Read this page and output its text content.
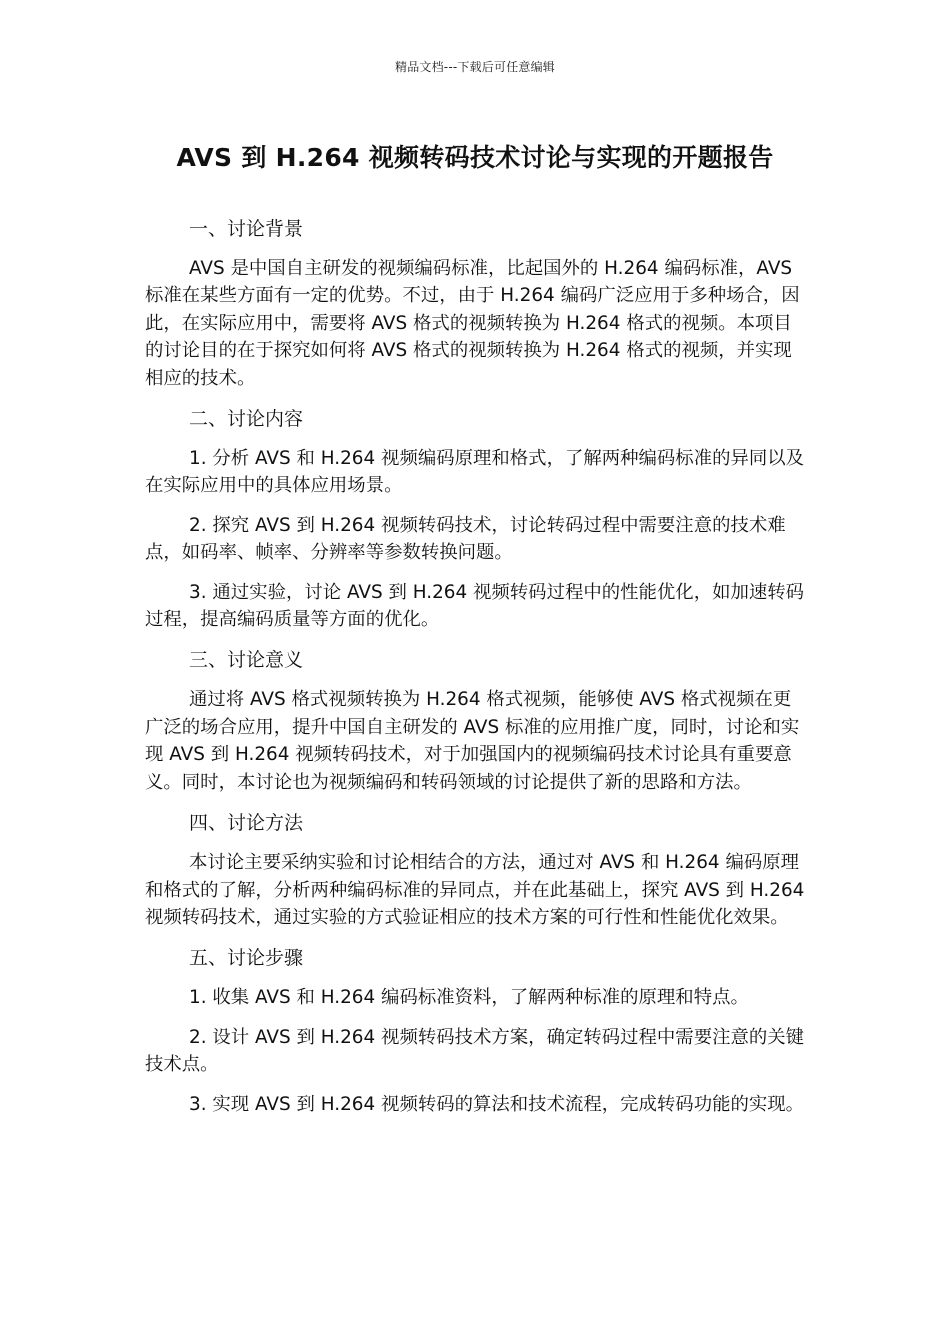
精品文档---下载后可任意编辑
AVS 到 H.264 视频转码技术讨论与实现的开题报告
一、讨论背景

AVS 是中国自主研发的视频编码标准，比起国外的 H.264 编码标准，AVS 标准在某些方面有一定的优势。不过，由于 H.264 编码广泛应用于多种场合，因此，在实际应用中，需要将 AVS 格式的视频转换为 H.264 格式的视频。本项目的讨论目的在于探究如何将 AVS 格式的视频转换为 H.264 格式的视频，并实现相应的技术。

二、讨论内容

1. 分析 AVS 和 H.264 视频编码原理和格式，了解两种编码标准的异同以及在实际应用中的具体应用场景。

2. 探究 AVS 到 H.264 视频转码技术，讨论转码过程中需要注意的技术难点，如码率、帧率、分辨率等参数转换问题。

3. 通过实验，讨论 AVS 到 H.264 视频转码过程中的性能优化，如加速转码过程，提高编码质量等方面的优化。

三、讨论意义

通过将 AVS 格式视频转换为 H.264 格式视频，能够使 AVS 格式视频在更广泛的场合应用，提升中国自主研发的 AVS 标准的应用推广度，同时，讨论和实现 AVS 到 H.264 视频转码技术，对于加强国内的视频编码技术讨论具有重要意义。同时，本讨论也为视频编码和转码领域的讨论提供了新的思路和方法。

四、讨论方法

本讨论主要采纳实验和讨论相结合的方法，通过对 AVS 和 H.264 编码原理和格式的了解，分析两种编码标准的异同点，并在此基础上，探究 AVS 到 H.264 视频转码技术，通过实验的方式验证相应的技术方案的可行性和性能优化效果。

五、讨论步骤

1. 收集 AVS 和 H.264 编码标准资料，了解两种标准的原理和特点。

2. 设计 AVS 到 H.264 视频转码技术方案，确定转码过程中需要注意的关键技术点。

3. 实现 AVS 到 H.264 视频转码的算法和技术流程，完成转码功能的实现。
